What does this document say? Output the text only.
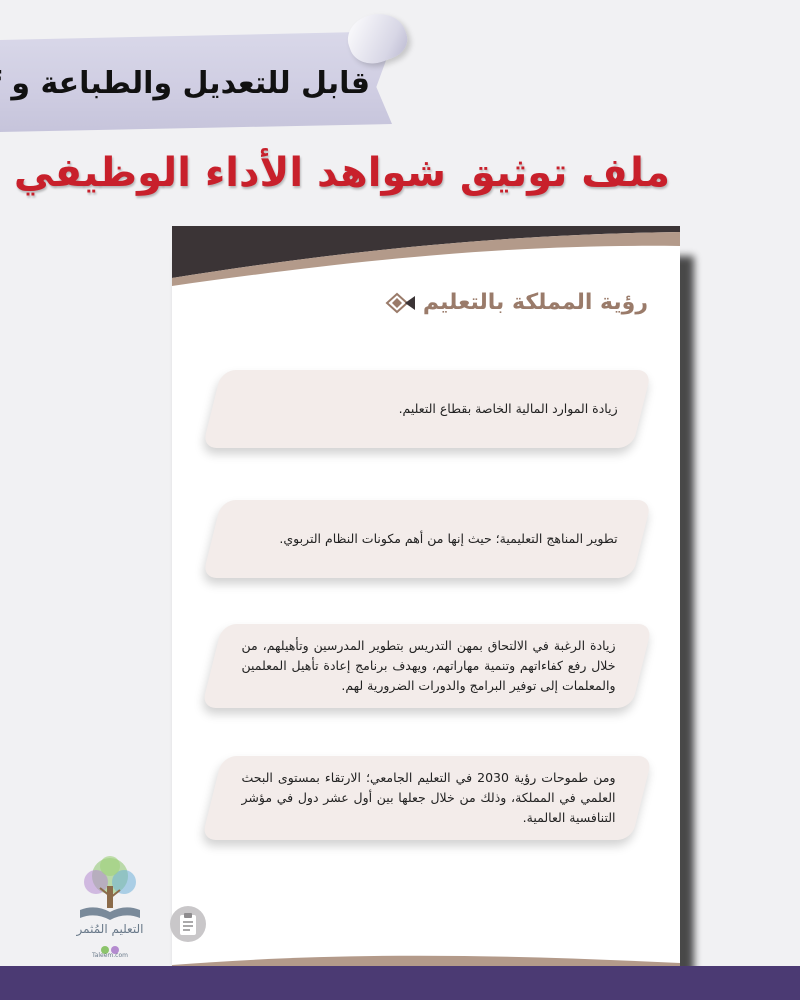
قابل للتعديل والطباعة و
ملف توثيق شواهد الأداء الوظيفي
رؤية المملكة بالتعليم
زيادة الموارد المالية الخاصة بقطاع التعليم.
تطوير المناهج التعليمية؛ حيث إنها من أهم مكونات النظام التربوي.
زيادة الرغبة في الالتحاق بمهن التدريس بتطوير المدرسين وتأهيلهم، من خلال رفع كفاءاتهم وتنمية مهاراتهم، ويهدف برنامج إعادة تأهيل المعلمين والمعلمات إلى توفير البرامج والدورات الضرورية لهم.
ومن طموحات رؤية 2030 في التعليم الجامعي؛ الارتقاء بمستوى البحث العلمي في المملكة، وذلك من خلال جعلها بين أول عشر دول في مؤشر التنافسية العالمية.
التعليم المُثمر
Taleem.com
